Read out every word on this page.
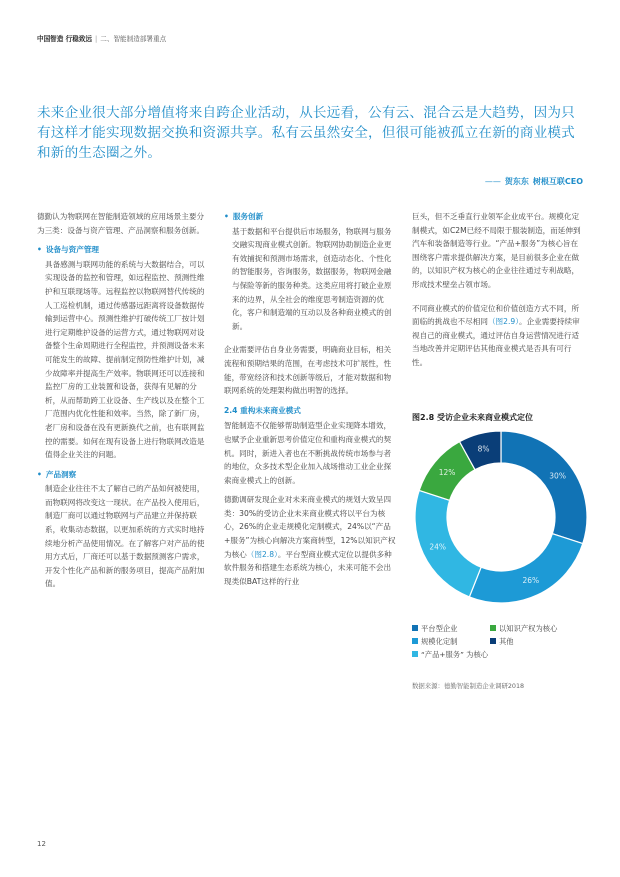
中国智造 行稳致远 | 二、智能制造部署重点
未来企业很大部分增值将来自跨企业活动，从长远看，公有云、混合云是大趋势，因为只有这样才能实现数据交换和资源共享。私有云虽然安全，但很可能被孤立在新的商业模式和新的生态圈之外。
—— 贺东东 树根互联CEO

德勤认为物联网在智能制造领域的应用场景主要分为三类：设备与资产管理、产品洞察和服务创新。

• 设备与资产管理

具备感测与联网功能的系统与大数据结合，可以实现设备的监控和管理，如远程监控、预测性维护和互联现场等。远程监控以物联网替代传统的人工巡检机制，通过传感器远距离将设备数据传输到运营中心。预测性维护打破传统工厂按计划进行定期维护设备的运营方式，通过物联网对设备整个生命周期进行全程监控，并预测设备未来可能发生的故障、提前制定预防性维护计划，减少故障率并提高生产效率。物联网还可以连接和监控厂房的工业装置和设备，获得有见解的分析，从而帮助跨工业设备、生产线以及在整个工厂范围内优化性能和效率。当然，除了新厂房，老厂房和设备在没有更新换代之前，也有联网监控的需要。如何在现有设备上进行物联网改造是值得企业关注的问题。

• 产品洞察

制造企业往往不太了解自己的产品如何被使用，而物联网将改变这一现状。在产品投入使用后，制造厂商可以通过物联网与产品建立并保持联系，收集动态数据，以更加系统的方式实时地持续地分析产品使用情况。在了解客户对产品的使用方式后，厂商还可以基于数据预测客户需求，开发个性化产品和新的服务项目，提高产品附加值。

• 服务创新

基于数据和平台提供后市场服务，物联网与服务交融实现商业模式创新。物联网协助制造企业更有效捕捉和预测市场需求，创造动态化、个性化的智能服务，咨询服务，数据服务，物联网金融与保险等新的服务种类。这类应用将打破企业原来的边界，从全社会的维度思考制造资源的优化，客户和制造端的互动以及各种商业模式的创新。

企业需要评估自身业务需要，明确商业目标，相关流程和预期结果的范围，在考虑技术可扩展性，性能，带宽经济和技术创新等级后，才能对数据和物联网系统的处理架构做出明智的选择。

2.4 重构未来商业模式

智能制造不仅能够帮助制造型企业实现降本增效，也赋予企业重新思考价值定位和重构商业模式的契机。同时，新进入者也在不断挑战传统市场参与者的地位，众多技术型企业加入战场推动工业企业探索商业模式上的创新。

德勤调研发现企业对未来商业模式的规划大致呈四类：30%的受访企业未来商业模式将以平台为核心，26%的企业走规模化定制模式，24%以“产品+服务”为核心向解决方案商转型，12%以知识产权为核心（图2.8）。平台型商业模式定位以提供多种软件服务和搭建生态系统为核心，未来可能不会出现类似BAT这样的行业

巨头，但不乏垂直行业领军企业成平台。规模化定制模式，如C2M已经不局限于服装制造，而延伸到汽车和装备制造等行业。“产品+服务”为核心旨在围绕客户需求提供解决方案，是目前很多企业在做的，以知识产权为核心的企业往往通过专利战略，形成技术壁垒占领市场。

不同商业模式的价值定位和价值创造方式不同，所面临的挑战也不尽相同（图2.9）。企业需要持续审视自己的商业模式，通过评估自身运营情况进行适当地改善并定期评估其他商业模式是否具有可行性。

图2.8 受访企业未来商业模式定位
30%
26%
24%
12%
8%
平台型企业	以知识产权为核心
规模化定制	其他
“产品+服务” 为核心
数据来源：德勤智能制造企业调研2018
12
